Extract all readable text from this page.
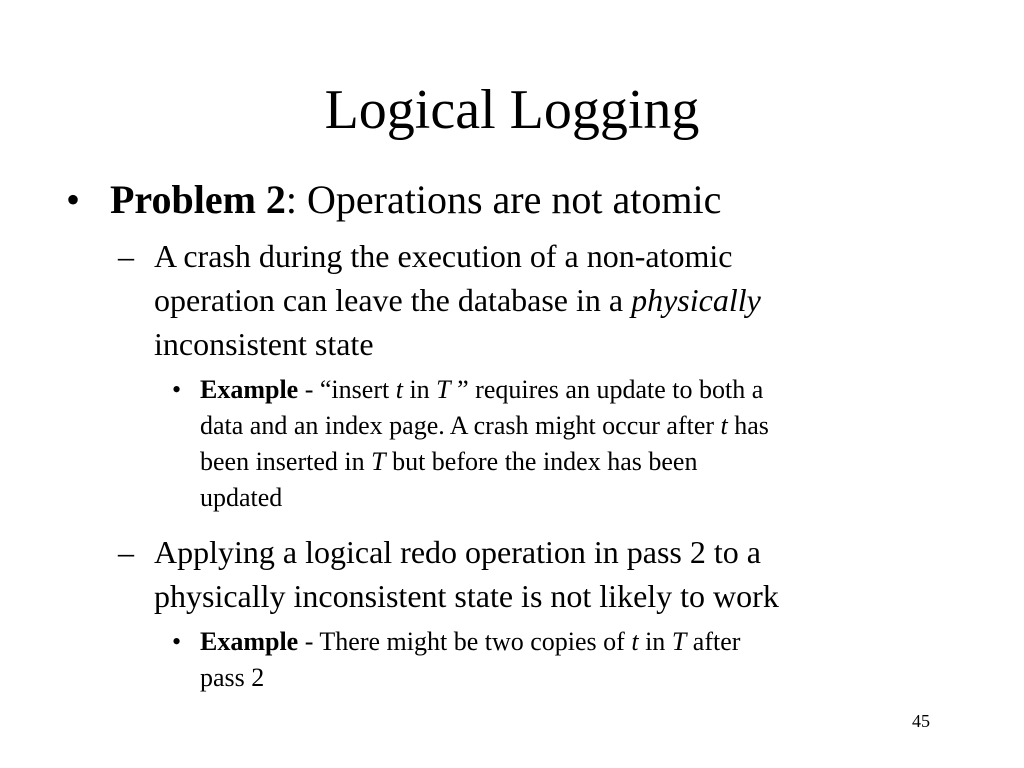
Logical Logging
• Problem 2: Operations are not atomic
– A crash during the execution of a non-atomic
operation can leave the database in a physically
inconsistent state
• Example - “insert t in T ” requires an update to both a
data and an index page. A crash might occur after t has
been inserted in T but before the index has been
updated
– Applying a logical redo operation in pass 2 to a
physically inconsistent state is not likely to work
• Example - There might be two copies of t in T after
pass 2
45
